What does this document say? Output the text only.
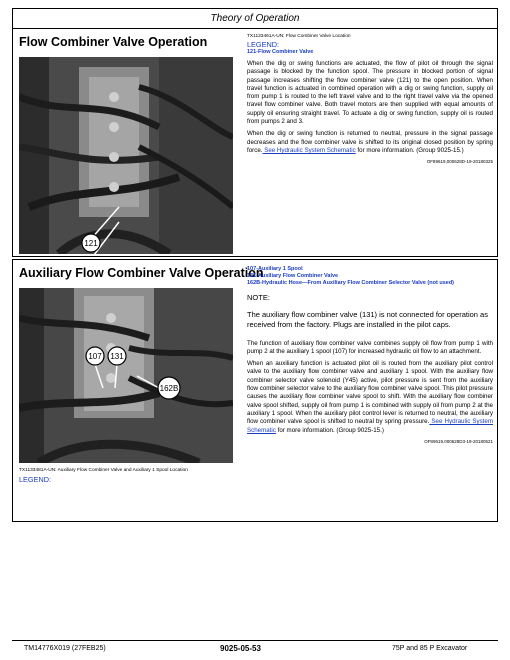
Theory of Operation
Flow Combiner Valve Operation
121
TX1133461A-UN: Flow Combiner Valve Location
LEGEND:
121-Flow Combiner Valve
When the dig or swing functions are actuated, the flow of pilot oil through the signal passage is blocked by the function spool. The pressure in blocked portion of signal passage increases shifting the flow combiner valve (121) to the open position. When travel function is actuated in combined operation with a dig or swing function, supply oil from pump 1 is routed to the left travel valve and to the right travel valve via the opened travel flow combiner valve. Both travel motors are then supplied with equal amounts of supply oil ensuring straight travel. To actuate a dig or swing function, supply oil is routed from pumps 2 and 3.
When the dig or swing function is returned to neutral, pressure in the signal passage decreases and the flow combiner valve is shifted to its original closed position by spring force. See Hydraulic System Schematic for more information. (Group 9025-15.)
OF89619,000628D-19-20180325
Auxiliary Flow Combiner Valve Operation
107 131
162B
TX1133481A-UN: Auxiliary Flow Combiner Valve and Auxiliary 1 Spool Location
LEGEND:
107-Auxiliary 1 Spool
131-Auxiliary Flow Combiner Valve
162B-Hydraulic Hose—From Auxiliary Flow Combiner Selector Valve (not used)
NOTE:
The auxiliary flow combiner valve (131) is not connected for operation as received from the factory. Plugs are installed in the pilot caps.
The function of auxiliary flow combiner valve combines supply oil flow from pump 1 with pump 2 at the auxiliary 1 spool (107) for increased hydraulic oil flow to an attachment.
When an auxiliary function is actuated pilot oil is routed from the auxiliary pilot control valve to the auxiliary flow combiner valve and auxiliary 1 spool. With the auxiliary flow combiner selector valve solenoid (Y45) active, pilot pressure is sent from the auxiliary flow combiner selector valve to the auxiliary flow combiner valve spool. This pilot pressure causes the auxiliary flow combiner valve spool to shift. With the auxiliary flow combiner valve spool shifted, supply oil from pump 1 is combined with supply oil from pump 2 at the auxiliary 1 spool. When the auxiliary pilot control lever is returned to neutral, the auxiliary flow combiner valve spool is shifted to neutral by spring pressure. See Hydraulic System Schematic for more information. (Group 9025-15.)
OF89619,000628D3-19-20180521
TM14776X019 (27FEB25)	9025-05-53	75P and 85 P Excavator
